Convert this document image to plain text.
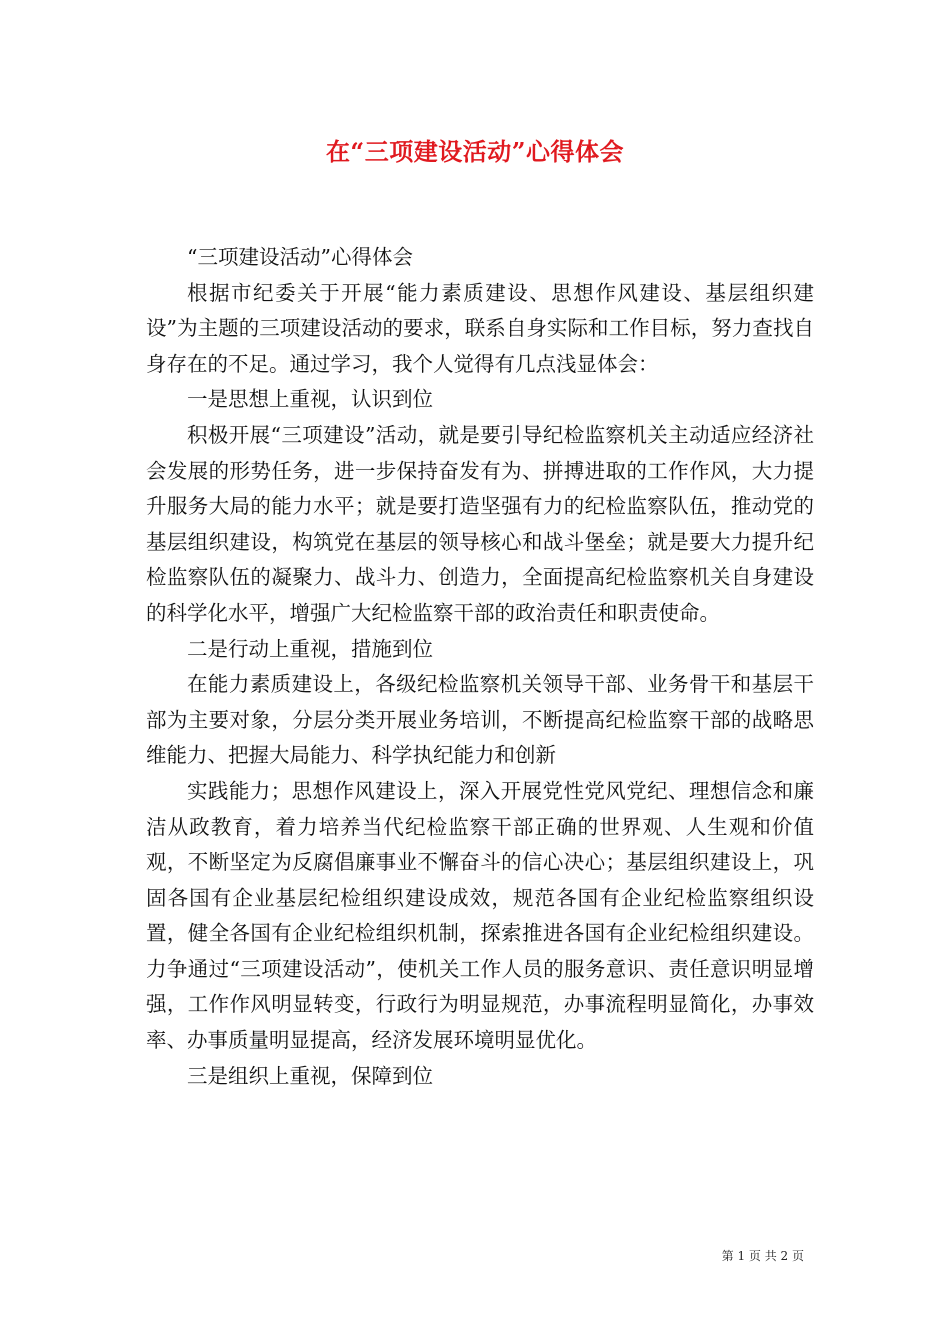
在“三项建设活动”心得体会

“三项建设活动”心得体会

根据市纪委关于开展“能力素质建设、思想作风建设、基层组织建设”为主题的三项建设活动的要求，联系自身实际和工作目标，努力查找自身存在的不足。通过学习，我个人觉得有几点浅显体会：

一是思想上重视，认识到位

积极开展“三项建设”活动，就是要引导纪检监察机关主动适应经济社会发展的形势任务，进一步保持奋发有为、拼搏进取的工作作风，大力提升服务大局的能力水平；就是要打造坚强有力的纪检监察队伍，推动党的基层组织建设，构筑党在基层的领导核心和战斗堡垒；就是要大力提升纪检监察队伍的凝聚力、战斗力、创造力，全面提高纪检监察机关自身建设的科学化水平，增强广大纪检监察干部的政治责任和职责使命。

二是行动上重视，措施到位

在能力素质建设上，各级纪检监察机关领导干部、业务骨干和基层干部为主要对象，分层分类开展业务培训，不断提高纪检监察干部的战略思维能力、把握大局能力、科学执纪能力和创新

实践能力；思想作风建设上，深入开展党性党风党纪、理想信念和廉洁从政教育，着力培养当代纪检监察干部正确的世界观、人生观和价值观，不断坚定为反腐倡廉事业不懈奋斗的信心决心；基层组织建设上，巩固各国有企业基层纪检组织建设成效，规范各国有企业纪检监察组织设置，健全各国有企业纪检组织机制，探索推进各国有企业纪检组织建设。力争通过“三项建设活动”，使机关工作人员的服务意识、责任意识明显增强，工作作风明显转变，行政行为明显规范，办事流程明显简化，办事效率、办事质量明显提高，经济发展环境明显优化。

三是组织上重视，保障到位

第 1 页 共 2 页
